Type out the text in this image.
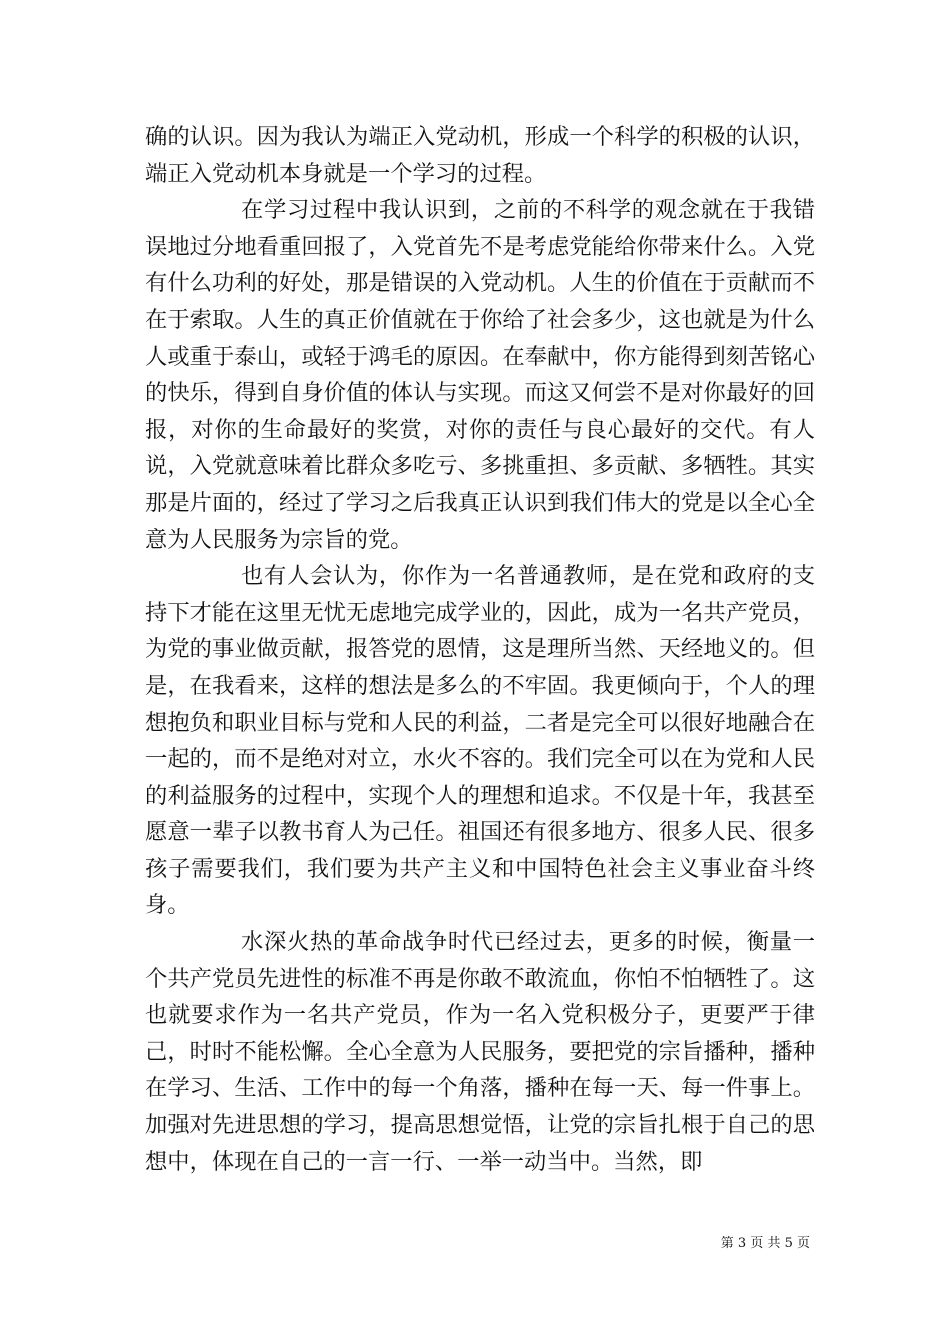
确的认识。因为我认为端正入党动机，形成一个科学的积极的认识，端正入党动机本身就是一个学习的过程。

在学习过程中我认识到，之前的不科学的观念就在于我错误地过分地看重回报了，入党首先不是考虑党能给你带来什么。入党有什么功利的好处，那是错误的入党动机。人生的价值在于贡献而不在于索取。人生的真正价值就在于你给了社会多少，这也就是为什么人或重于泰山，或轻于鸿毛的原因。在奉献中，你方能得到刻苦铭心的快乐，得到自身价值的体认与实现。而这又何尝不是对你最好的回报，对你的生命最好的奖赏，对你的责任与良心最好的交代。有人说，入党就意味着比群众多吃亏、多挑重担、多贡献、多牺牲。其实那是片面的，经过了学习之后我真正认识到我们伟大的党是以全心全意为人民服务为宗旨的党。

也有人会认为，你作为一名普通教师，是在党和政府的支持下才能在这里无忧无虑地完成学业的，因此，成为一名共产党员，为党的事业做贡献，报答党的恩情，这是理所当然、天经地义的。但是，在我看来，这样的想法是多么的不牢固。我更倾向于，个人的理想抱负和职业目标与党和人民的利益，二者是完全可以很好地融合在一起的，而不是绝对对立，水火不容的。我们完全可以在为党和人民的利益服务的过程中，实现个人的理想和追求。不仅是十年，我甚至愿意一辈子以教书育人为己任。祖国还有很多地方、很多人民、很多孩子需要我们，我们要为共产主义和中国特色社会主义事业奋斗终身。

水深火热的革命战争时代已经过去，更多的时候，衡量一个共产党员先进性的标准不再是你敢不敢流血，你怕不怕牺牲了。这也就要求作为一名共产党员，作为一名入党积极分子，更要严于律己，时时不能松懈。全心全意为人民服务，要把党的宗旨播种，播种在学习、生活、工作中的每一个角落，播种在每一天、每一件事上。加强对先进思想的学习，提高思想觉悟，让党的宗旨扎根于自己的思想中，体现在自己的一言一行、一举一动当中。当然，即

第 3 页 共 5 页
